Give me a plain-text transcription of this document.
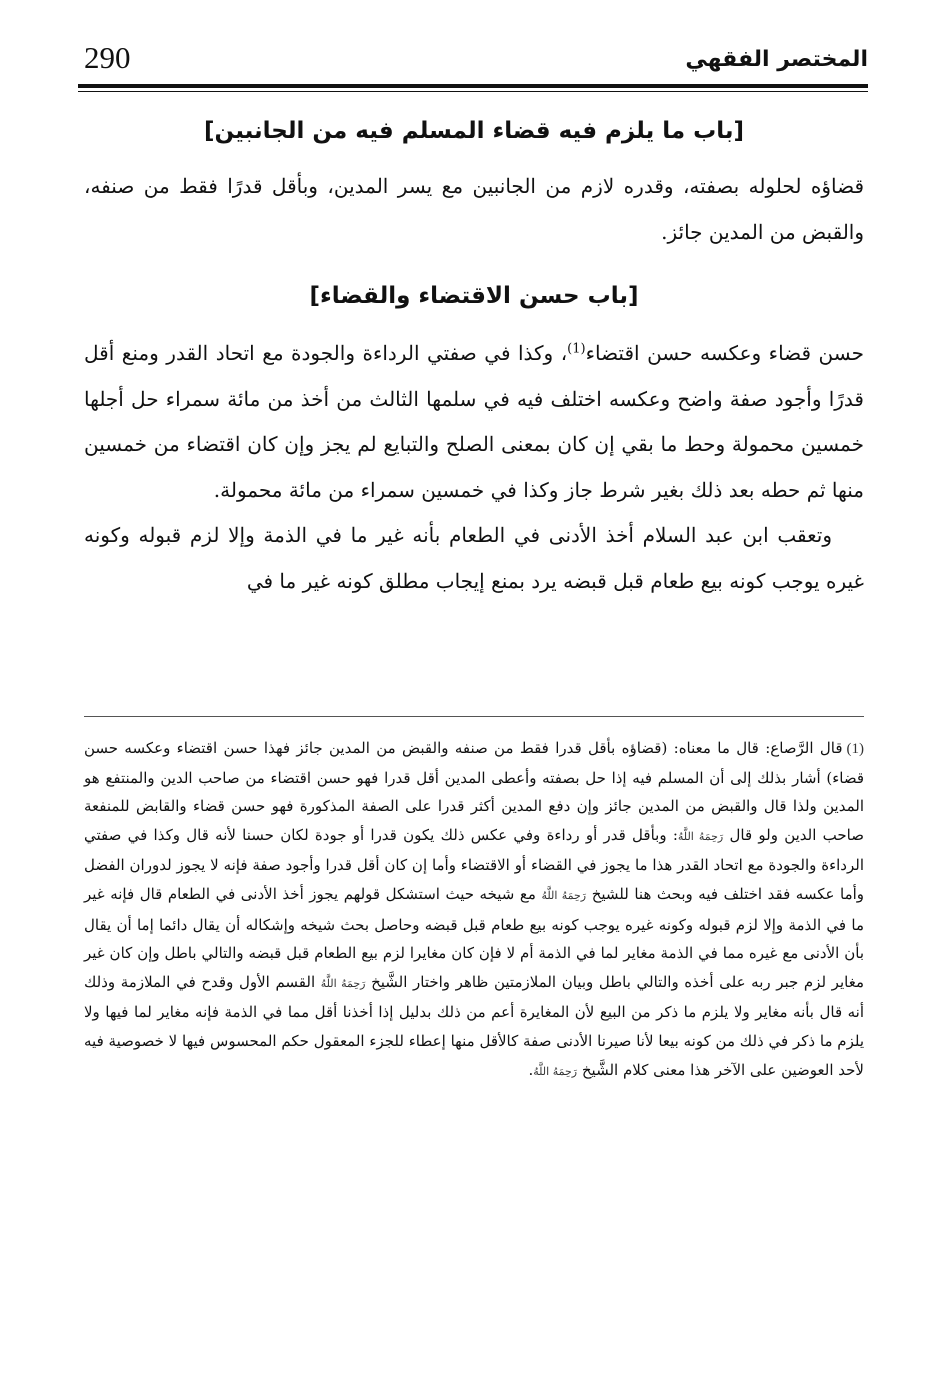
290	المختصر الفقهي
[باب ما يلزم فيه قضاء المسلم فيه من الجانبين]

قضاؤه لحلوله بصفته، وقدره لازم من الجانبين مع يسر المدين، وبأقل قدرًا فقط من صنفه، والقبض من المدين جائز.

[باب حسن الاقتضاء والقضاء]

حسن قضاء وعكسه حسن اقتضاء$^{(1)}$، وكذا في صفتي الرداءة والجودة مع اتحاد القدر ومنع أقل قدرًا وأجود صفة واضح وعكسه اختلف فيه في سلمها الثالث من أخذ من مائة سمراء حل أجلها خمسين محمولة وحط ما بقي إن كان بمعنى الصلح والتبايع لم يجز وإن كان اقتضاء من خمسين منها ثم حطه بعد ذلك بغير شرط جاز وكذا في خمسين سمراء من مائة محمولة.

وتعقب ابن عبد السلام أخذ الأدنى في الطعام بأنه غير ما في الذمة وإلا لزم قبوله وكونه غيره يوجب كونه بيع طعام قبل قبضه يرد بمنع إيجاب مطلق كونه غير ما في

(1)قال الرَّصاع: قال ما معناه: (قضاؤه بأقل قدرا فقط من صنفه والقبض من المدين جائز فهذا حسن اقتضاء وعكسه حسن قضاء) أشار بذلك إلى أن المسلم فيه إذا حل بصفته وأعطى المدين أقل قدرا فهو حسن اقتضاء من صاحب الدين والمنتفع هو المدين ولذا قال والقبض من المدين جائز وإن دفع المدين أكثر قدرا على الصفة المذكورة فهو حسن قضاء والقابض للمنفعة صاحب الدين ولو قال رَحِمَهُ اللَّهُ: وبأقل قدر أو رداءة وفي عكس ذلك يكون قدرا أو جودة لكان حسنا لأنه قال وكذا في صفتي الرداءة والجودة مع اتحاد القدر هذا ما يجوز في القضاء أو الاقتضاء وأما إن كان أقل قدرا وأجود صفة فإنه لا يجوز لدوران الفضل وأما عكسه فقد اختلف فيه وبحث هنا للشيخ رَحِمَهُ اللَّهُ مع شيخه حيث استشكل قولهم يجوز أخذ الأدنى في الطعام قال فإنه غير ما في الذمة وإلا لزم قبوله وكونه غيره يوجب كونه بيع طعام قبل قبضه وحاصل بحث شيخه وإشكاله أن يقال دائما إما أن يقال بأن الأدنى مع غيره مما في الذمة مغاير لما في الذمة أم لا فإن كان مغايرا لزم بيع الطعام قبل قبضه والتالي باطل وإن كان غير مغاير لزم جبر ربه على أخذه والتالي باطل وبيان الملازمتين ظاهر واختار الشَّيخ رَحِمَهُ اللَّهُ القسم الأول وقدح في الملازمة وذلك أنه قال بأنه مغاير ولا يلزم ما ذكر من البيع لأن المغايرة أعم من ذلك بدليل إذا أخذنا أقل مما في الذمة فإنه مغاير لما فيها ولا يلزم ما ذكر في ذلك من كونه بيعا لأنا صيرنا الأدنى صفة كالأقل منها إعطاء للجزء المعقول حكم المحسوس فيها لا خصوصية فيه لأحد العوضين على الآخر هذا معنى كلام الشَّيخ رَحِمَهُ اللَّهُ.
